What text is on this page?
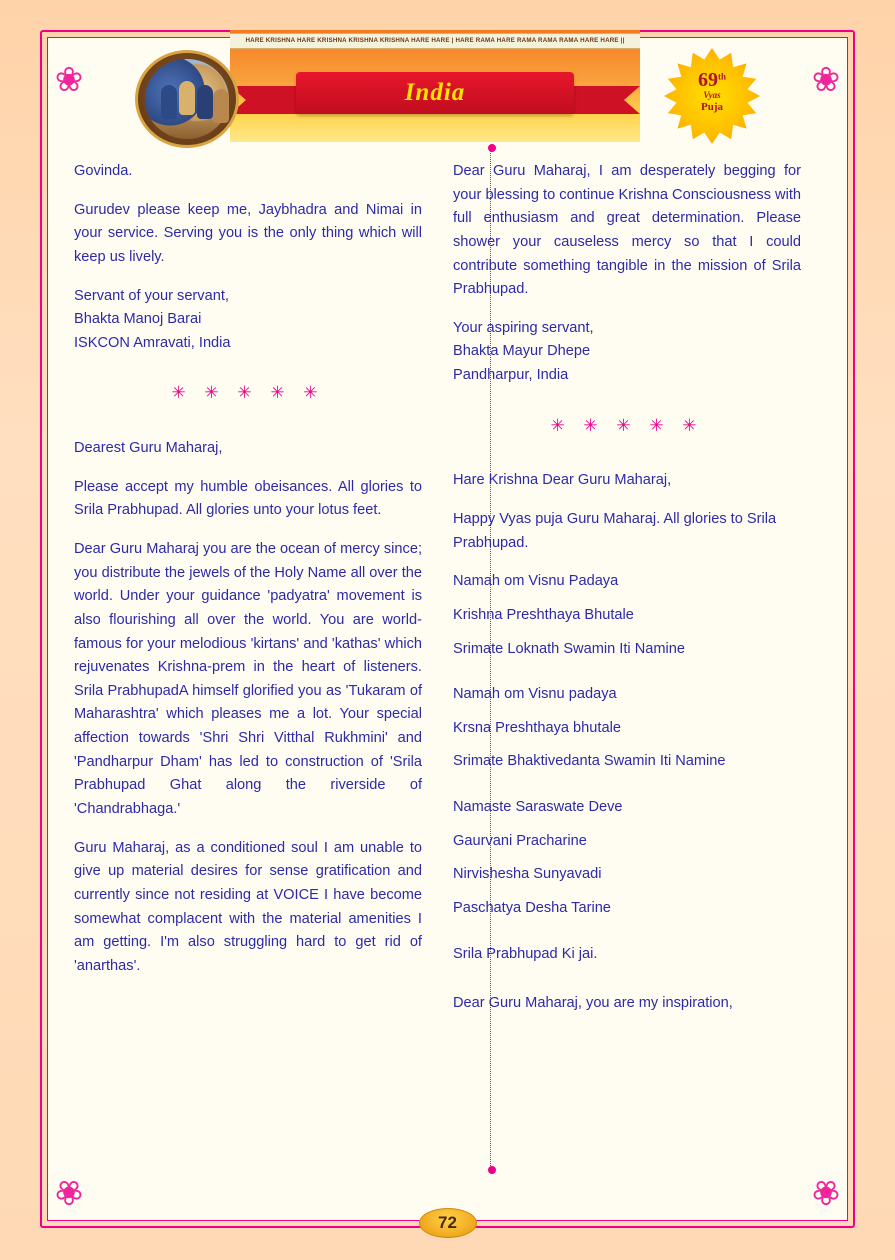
❀	❀
❀	❀
HARE KRISHNA HARE KRISHNA KRISHNA KRISHNA HARE HARE | HARE RAMA HARE RAMA RAMA RAMA HARE HARE ||
India	69th
Vyas
Puja

Govinda.

Gurudev please keep me, Jaybhadra and Nimai in your service. Serving you is the only thing which will keep us lively.

Servant of your servant,

Bhakta Manoj Barai

ISKCON Amravati, India

✳ ✳ ✳ ✳ ✳

Dearest Guru Maharaj,

Please accept my humble obeisances. All glories to Srila Prabhupad. All glories unto your lotus feet.

Dear Guru Maharaj you are the ocean of mercy since; you distribute the jewels of the Holy Name all over the world. Under your guidance 'padyatra' movement is also flourishing all over the world. You are world-famous for your melodious 'kirtans' and 'kathas' which rejuvenates Krishna-prem in the heart of listeners. Srila PrabhupadA himself glorified you as 'Tukaram of Maharashtra' which pleases me a lot. Your special affection towards 'Shri Shri Vitthal Rukhmini' and 'Pandharpur Dham' has led to construction of 'Srila Prabhupad Ghat along the riverside of 'Chandrabhaga.'

Guru Maharaj, as a conditioned soul I am unable to give up material desires for sense gratification and currently since not residing at VOICE I have become somewhat complacent with the material amenities I am getting. I'm also struggling hard to get rid of 'anarthas'.

Dear Guru Maharaj, I am desperately begging for your blessing to continue Krishna Consciousness with full enthusiasm and great determination. Please shower your causeless mercy so that I could contribute something tangible in the mission of Srila Prabhupad.

Your aspiring servant,

Bhakta Mayur Dhepe

Pandharpur, India

✳ ✳ ✳ ✳ ✳

Hare Krishna Dear Guru Maharaj,

Happy Vyas puja Guru Maharaj. All glories to Srila Prabhupad.

Namah om Visnu Padaya

Krishna Preshthaya Bhutale

Srimate Loknath Swamin Iti Namine

Namah om Visnu padaya

Krsna Preshthaya bhutale

Srimate Bhaktivedanta Swamin Iti Namine

Namaste Saraswate Deve

Gaurvani Pracharine

Nirvishesha Sunyavadi

Paschatya Desha Tarine

Srila Prabhupad Ki jai.

Dear Guru Maharaj, you are my inspiration,

72
